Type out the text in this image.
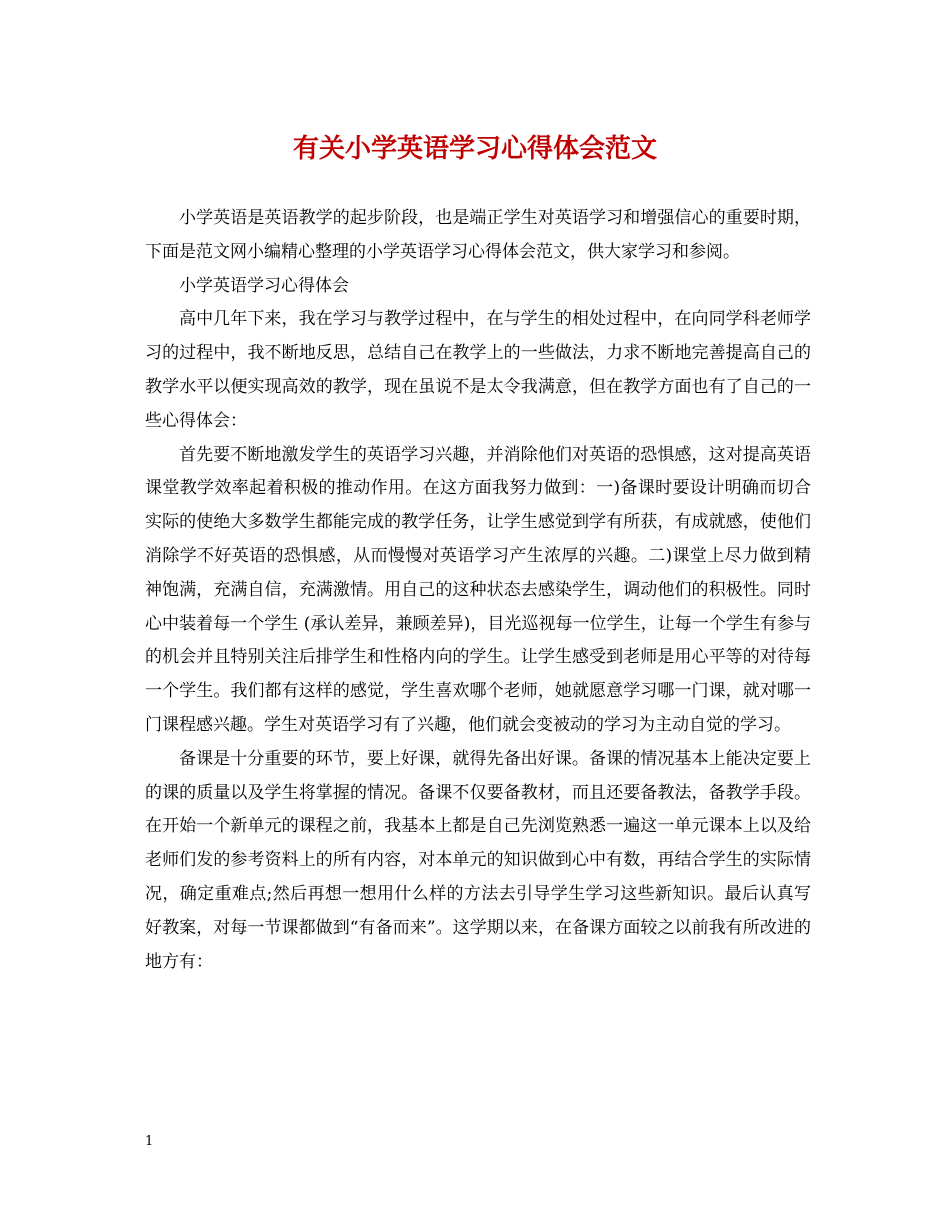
有关小学英语学习心得体会范文

小学英语是英语教学的起步阶段，也是端正学生对英语学习和增强信心的重要时期，下面是范文网小编精心整理的小学英语学习心得体会范文，供大家学习和参阅。

小学英语学习心得体会

高中几年下来，我在学习与教学过程中，在与学生的相处过程中，在向同学科老师学习的过程中，我不断地反思，总结自己在教学上的一些做法，力求不断地完善提高自己的教学水平以便实现高效的教学，现在虽说不是太令我满意，但在教学方面也有了自己的一些心得体会：

首先要不断地激发学生的英语学习兴趣，并消除他们对英语的恐惧感，这对提高英语课堂教学效率起着积极的推动作用。在这方面我努力做到：一)备课时要设计明确而切合实际的使绝大多数学生都能完成的教学任务，让学生感觉到学有所获，有成就感，使他们消除学不好英语的恐惧感，从而慢慢对英语学习产生浓厚的兴趣。二)课堂上尽力做到精神饱满，充满自信，充满激情。用自己的这种状态去感染学生，调动他们的积极性。同时心中装着每一个学生 (承认差异，兼顾差异)，目光巡视每一位学生，让每一个学生有参与的机会并且特别关注后排学生和性格内向的学生。让学生感受到老师是用心平等的对待每一个学生。我们都有这样的感觉，学生喜欢哪个老师，她就愿意学习哪一门课，就对哪一门课程感兴趣。学生对英语学习有了兴趣，他们就会变被动的学习为主动自觉的学习。

备课是十分重要的环节，要上好课，就得先备出好课。备课的情况基本上能决定要上的课的质量以及学生将掌握的情况。备课不仅要备教材，而且还要备教法，备教学手段。在开始一个新单元的课程之前，我基本上都是自己先浏览熟悉一遍这一单元课本上以及给老师们发的参考资料上的所有内容，对本单元的知识做到心中有数，再结合学生的实际情况，确定重难点;然后再想一想用什么样的方法去引导学生学习这些新知识。最后认真写好教案，对每一节课都做到“有备而来”。这学期以来，在备课方面较之以前我有所改进的地方有：

1
